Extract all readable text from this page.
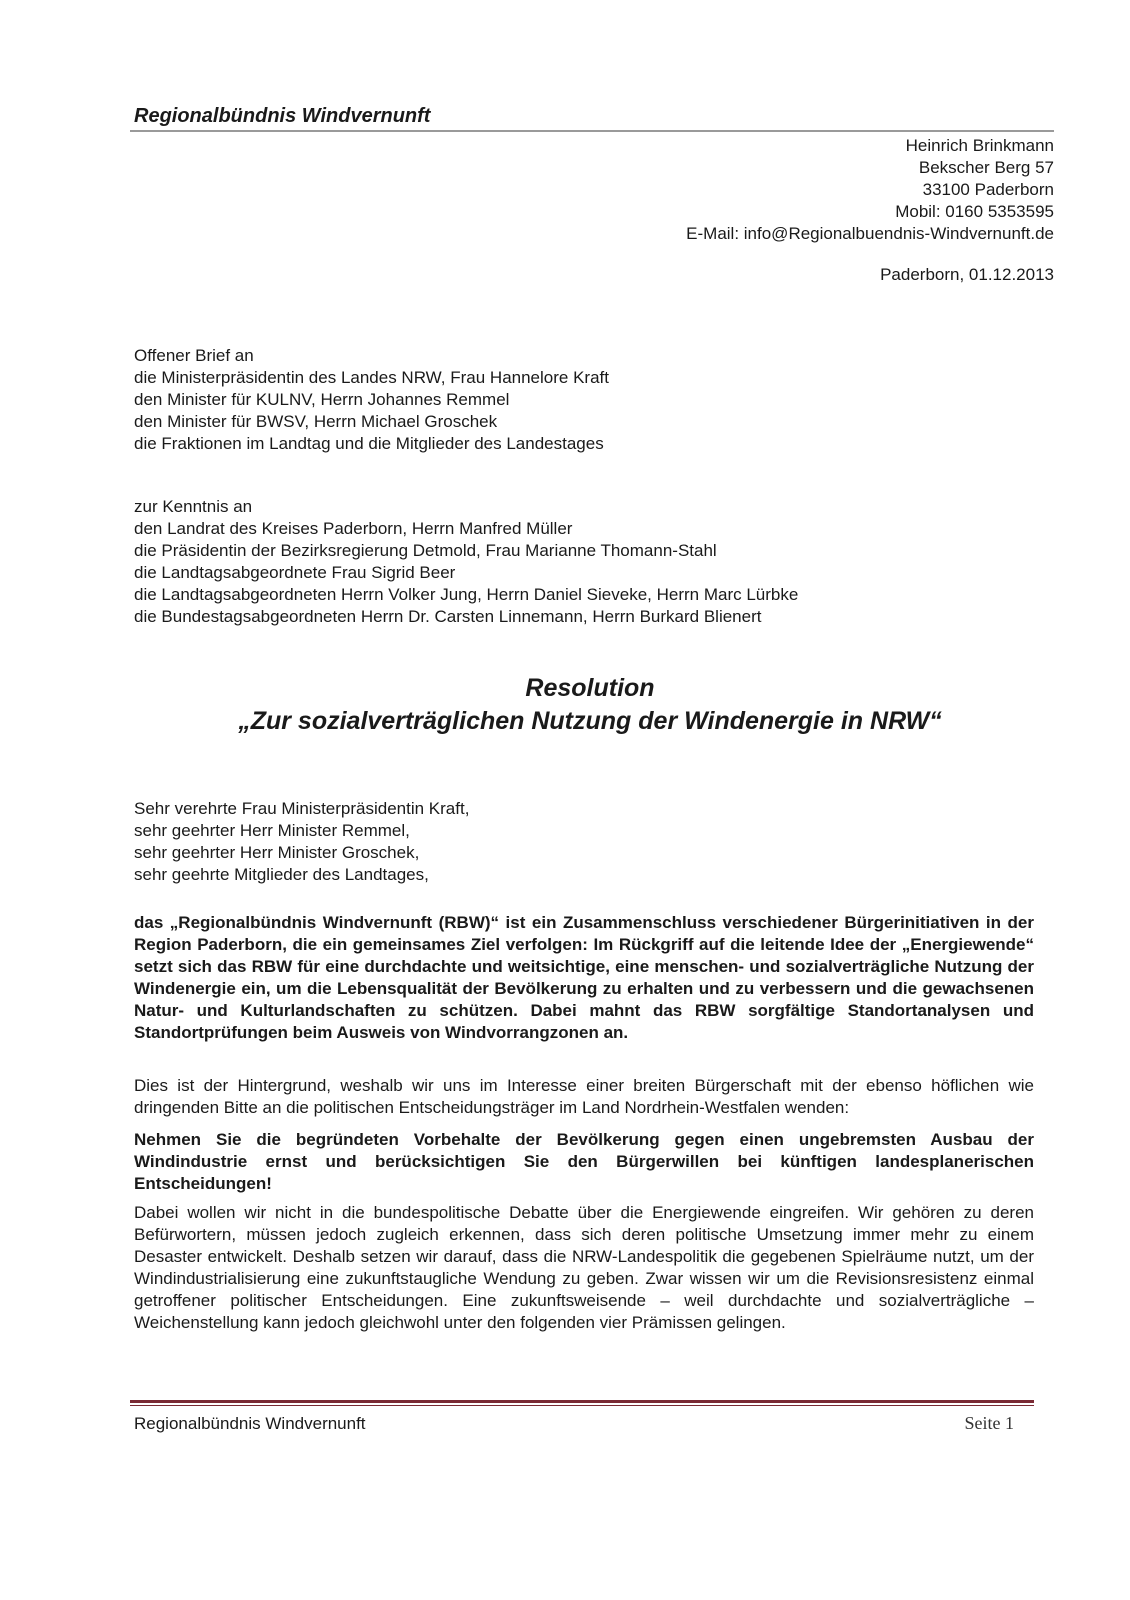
Regionalbündnis Windvernunft
Heinrich Brinkmann
Bekscher Berg 57
33100 Paderborn
Mobil: 0160 5353595
E-Mail: info@Regionalbuendnis-Windvernunft.de
Paderborn, 01.12.2013
Offener Brief an
die Ministerpräsidentin des Landes NRW, Frau Hannelore Kraft
den Minister für KULNV, Herrn Johannes Remmel
den Minister für BWSV, Herrn Michael Groschek
die Fraktionen im Landtag und die Mitglieder des Landestages
zur Kenntnis an
den Landrat des Kreises Paderborn, Herrn Manfred Müller
die Präsidentin der Bezirksregierung Detmold, Frau Marianne Thomann-Stahl
die Landtagsabgeordnete Frau Sigrid Beer
die Landtagsabgeordneten Herrn Volker Jung, Herrn Daniel Sieveke, Herrn Marc Lürbke
die Bundestagsabgeordneten Herrn Dr. Carsten Linnemann, Herrn Burkard Blienert
Resolution
„Zur sozialverträglichen Nutzung der Windenergie in NRW“
Sehr verehrte Frau Ministerpräsidentin Kraft,
sehr geehrter Herr Minister Remmel,
sehr geehrter Herr Minister Groschek,
sehr geehrte Mitglieder des Landtages,
das „Regionalbündnis Windvernunft (RBW)“ ist ein Zusammenschluss verschiedener Bürgerinitiativen in der Region Paderborn, die ein gemeinsames Ziel verfolgen: Im Rückgriff auf die leitende Idee der „Energiewende“ setzt sich das RBW für eine durchdachte und weitsichtige, eine menschen- und sozialverträgliche Nutzung der Windenergie ein, um die Lebensqualität der Bevölkerung zu erhalten und zu verbessern und die gewachsenen Natur- und Kulturlandschaften zu schützen. Dabei mahnt das RBW sorgfältige Standortanalysen und Standortprüfungen beim Ausweis von Windvorrangzonen an.
Dies ist der Hintergrund, weshalb wir uns im Interesse einer breiten Bürgerschaft mit der ebenso höflichen wie dringenden Bitte an die politischen Entscheidungsträger im Land Nordrhein-Westfalen wenden:
Nehmen Sie die begründeten Vorbehalte der Bevölkerung gegen einen ungebremsten Ausbau der Windindustrie ernst und berücksichtigen Sie den Bürgerwillen bei künftigen landesplanerischen Entscheidungen!
Dabei wollen wir nicht in die bundespolitische Debatte über die Energiewende eingreifen. Wir gehören zu deren Befürwortern, müssen jedoch zugleich erkennen, dass sich deren politische Umsetzung immer mehr zu einem Desaster entwickelt. Deshalb setzen wir darauf, dass die NRW-Landespolitik die gegebenen Spielräume nutzt, um der Windindustrialisierung eine zukunftstaugliche Wendung zu geben. Zwar wissen wir um die Revisionsresistenz einmal getroffener politischer Entscheidungen. Eine zukunftsweisende – weil durchdachte und sozialverträgliche – Weichenstellung kann jedoch gleichwohl unter den folgenden vier Prämissen gelingen.
Regionalbündnis Windvernunft	Seite 1
